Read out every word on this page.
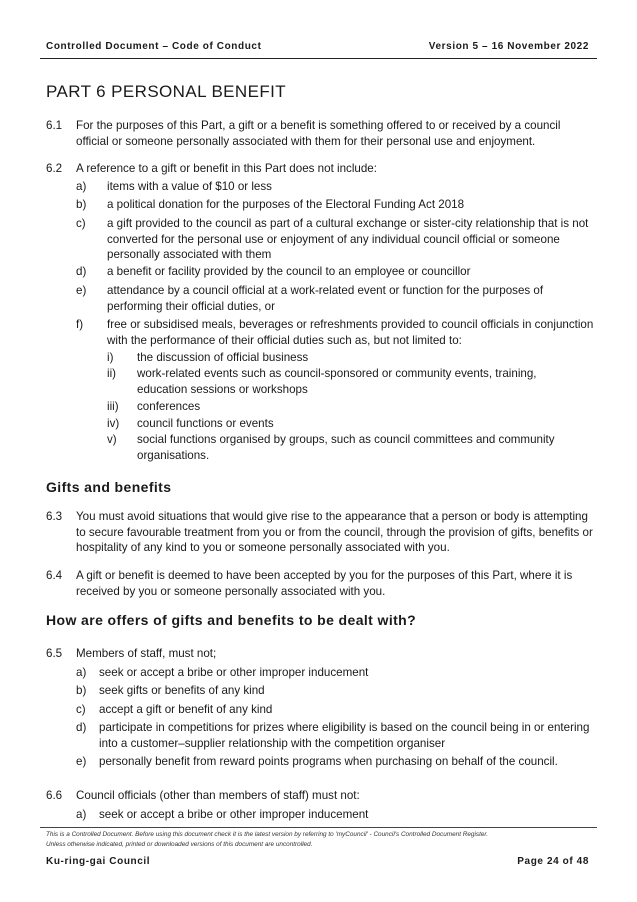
Controlled Document – Code of Conduct	Version 5 – 16 November 2022
PART 6 PERSONAL BENEFIT
6.1 For the purposes of this Part, a gift or a benefit is something offered to or received by a council official or someone personally associated with them for their personal use and enjoyment.
6.2 A reference to a gift or benefit in this Part does not include:
a) items with a value of $10 or less
b) a political donation for the purposes of the Electoral Funding Act 2018
c) a gift provided to the council as part of a cultural exchange or sister-city relationship that is not converted for the personal use or enjoyment of any individual council official or someone personally associated with them
d) a benefit or facility provided by the council to an employee or councillor
e) attendance by a council official at a work-related event or function for the purposes of performing their official duties, or
f) free or subsidised meals, beverages or refreshments provided to council officials in conjunction with the performance of their official duties such as, but not limited to:
i) the discussion of official business
ii) work-related events such as council-sponsored or community events, training, education sessions or workshops
iii) conferences
iv) council functions or events
v) social functions organised by groups, such as council committees and community organisations.
Gifts and benefits
6.3 You must avoid situations that would give rise to the appearance that a person or body is attempting to secure favourable treatment from you or from the council, through the provision of gifts, benefits or hospitality of any kind to you or someone personally associated with you.
6.4 A gift or benefit is deemed to have been accepted by you for the purposes of this Part, where it is received by you or someone personally associated with you.
How are offers of gifts and benefits to be dealt with?
6.5 Members of staff, must not;
a) seek or accept a bribe or other improper inducement
b) seek gifts or benefits of any kind
c) accept a gift or benefit of any kind
d) participate in competitions for prizes where eligibility is based on the council being in or entering into a customer–supplier relationship with the competition organiser
e) personally benefit from reward points programs when purchasing on behalf of the council.
6.6 Council officials (other than members of staff) must not:
a) seek or accept a bribe or other improper inducement
This is a Controlled Document. Before using this document check it is the latest version by referring to 'myCouncil' - Council's Controlled Document Register.
Unless otherwise indicated, printed or downloaded versions of this document are uncontrolled.
Ku-ring-gai Council	Page 24 of 48
